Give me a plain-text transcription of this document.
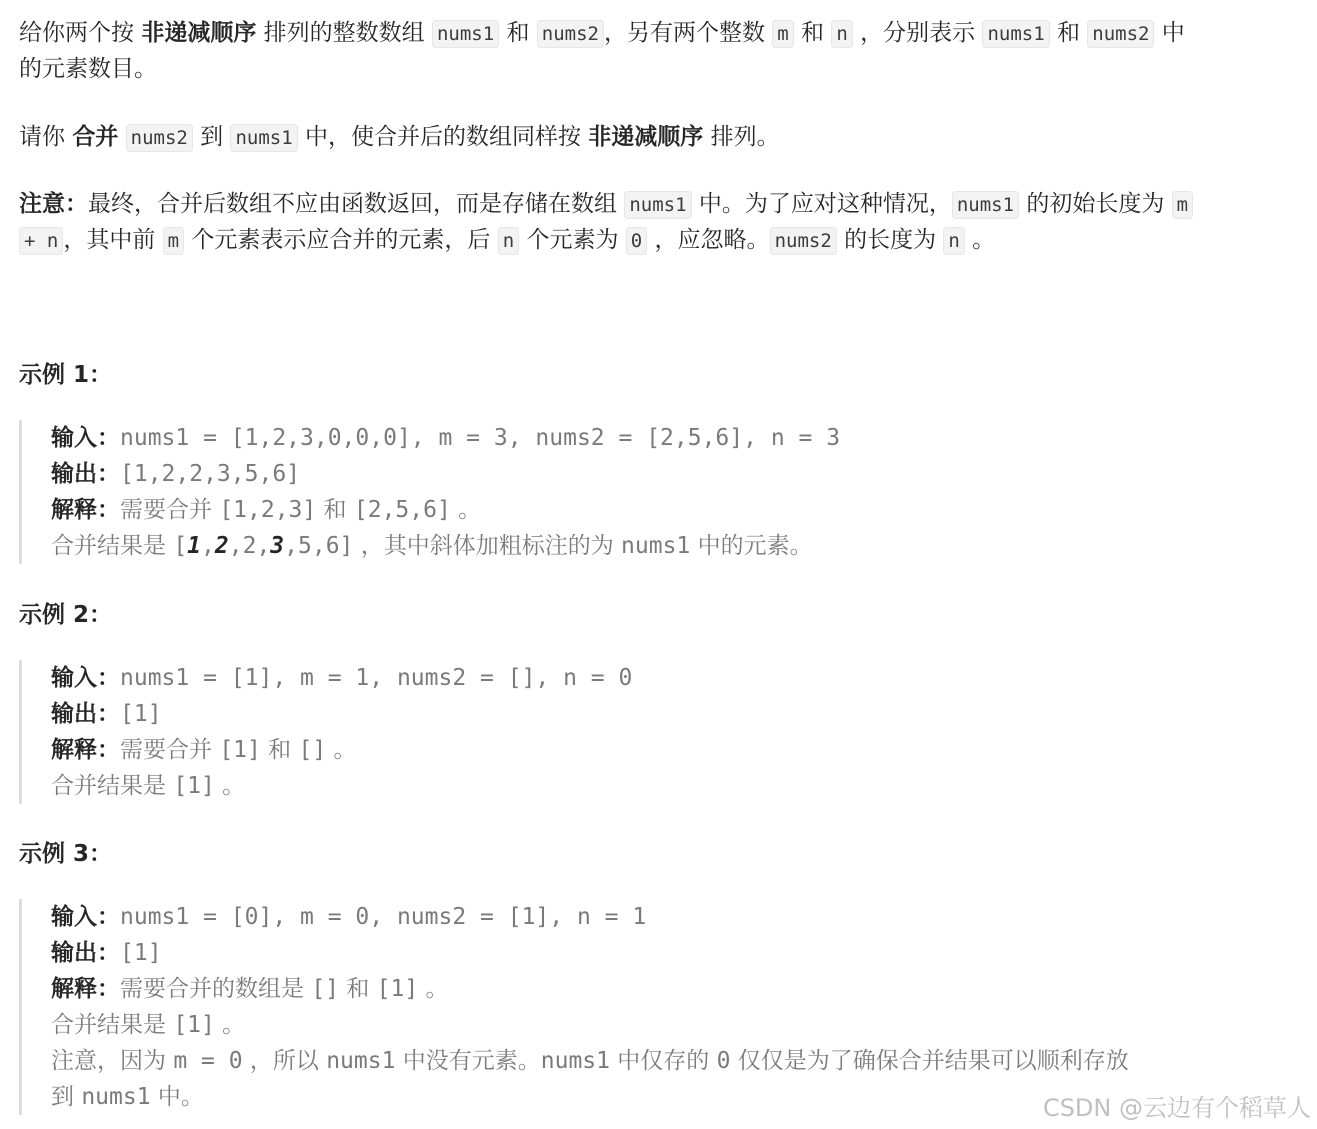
给你两个按 非递减顺序 排列的整数数组 nums1 和 nums2 ，另有两个整数 m 和 n ，分别表示 nums1 和 nums2 中
的元素数目。
请你 合并 nums2 到 nums1 中，使合并后的数组同样按 非递减顺序 排列。
注意：最终，合并后数组不应由函数返回，而是存储在数组 nums1 中。为了应对这种情况， nums1 的初始长度为 m
+ n ，其中前 m 个元素表示应合并的元素，后 n 个元素为 0 ，应忽略。 nums2 的长度为 n 。
示例 1：
输入：nums1 = [1,2,3,0,0,0], m = 3, nums2 = [2,5,6], n = 3
输出：[1,2,2,3,5,6]
解释：需要合并 [1,2,3] 和 [2,5,6] 。
合并结果是 [1,2,2,3,5,6] ，其中斜体加粗标注的为 nums1 中的元素。
示例 2：
输入：nums1 = [1], m = 1, nums2 = [], n = 0
输出：[1]
解释：需要合并 [1] 和 [] 。
合并结果是 [1] 。
示例 3：
输入：nums1 = [0], m = 0, nums2 = [1], n = 1
输出：[1]
解释：需要合并的数组是 [] 和 [1] 。
合并结果是 [1] 。
注意，因为 m = 0 ，所以 nums1 中没有元素。nums1 中仅存的 0 仅仅是为了确保合并结果可以顺利存放
到 nums1 中。	CSDN @云边有个稻草人
